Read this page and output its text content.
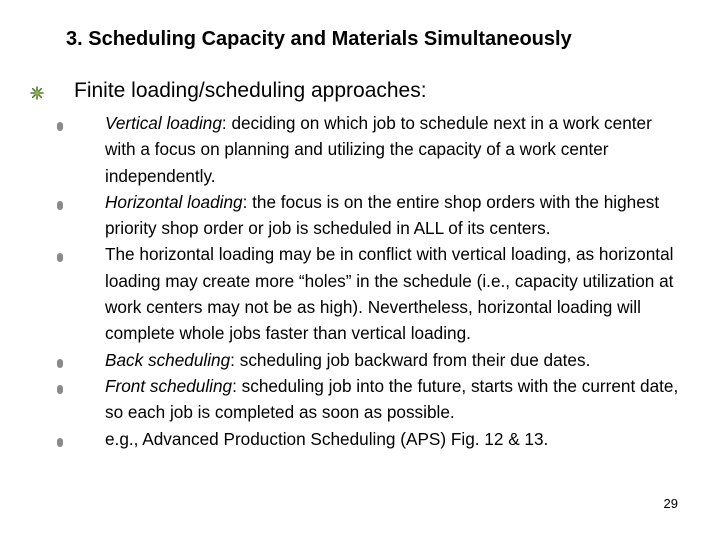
3. Scheduling Capacity and Materials Simultaneously
Finite loading/scheduling approaches:
Vertical loading: deciding on which job to schedule next in a work center with a focus on planning and utilizing the capacity of a work center independently.
Horizontal loading: the focus is on the entire shop orders with the highest priority shop order or job is scheduled in ALL of its centers.
The horizontal loading may be in conflict with vertical loading, as horizontal loading may create more “holes” in the schedule (i.e., capacity utilization at work centers may not be as high). Nevertheless, horizontal loading will complete whole jobs faster than vertical loading.
Back scheduling: scheduling job backward from their due dates.
Front scheduling: scheduling job into the future, starts with the current date, so each job is completed as soon as possible.
e.g., Advanced Production Scheduling (APS) Fig. 12 & 13.
29
